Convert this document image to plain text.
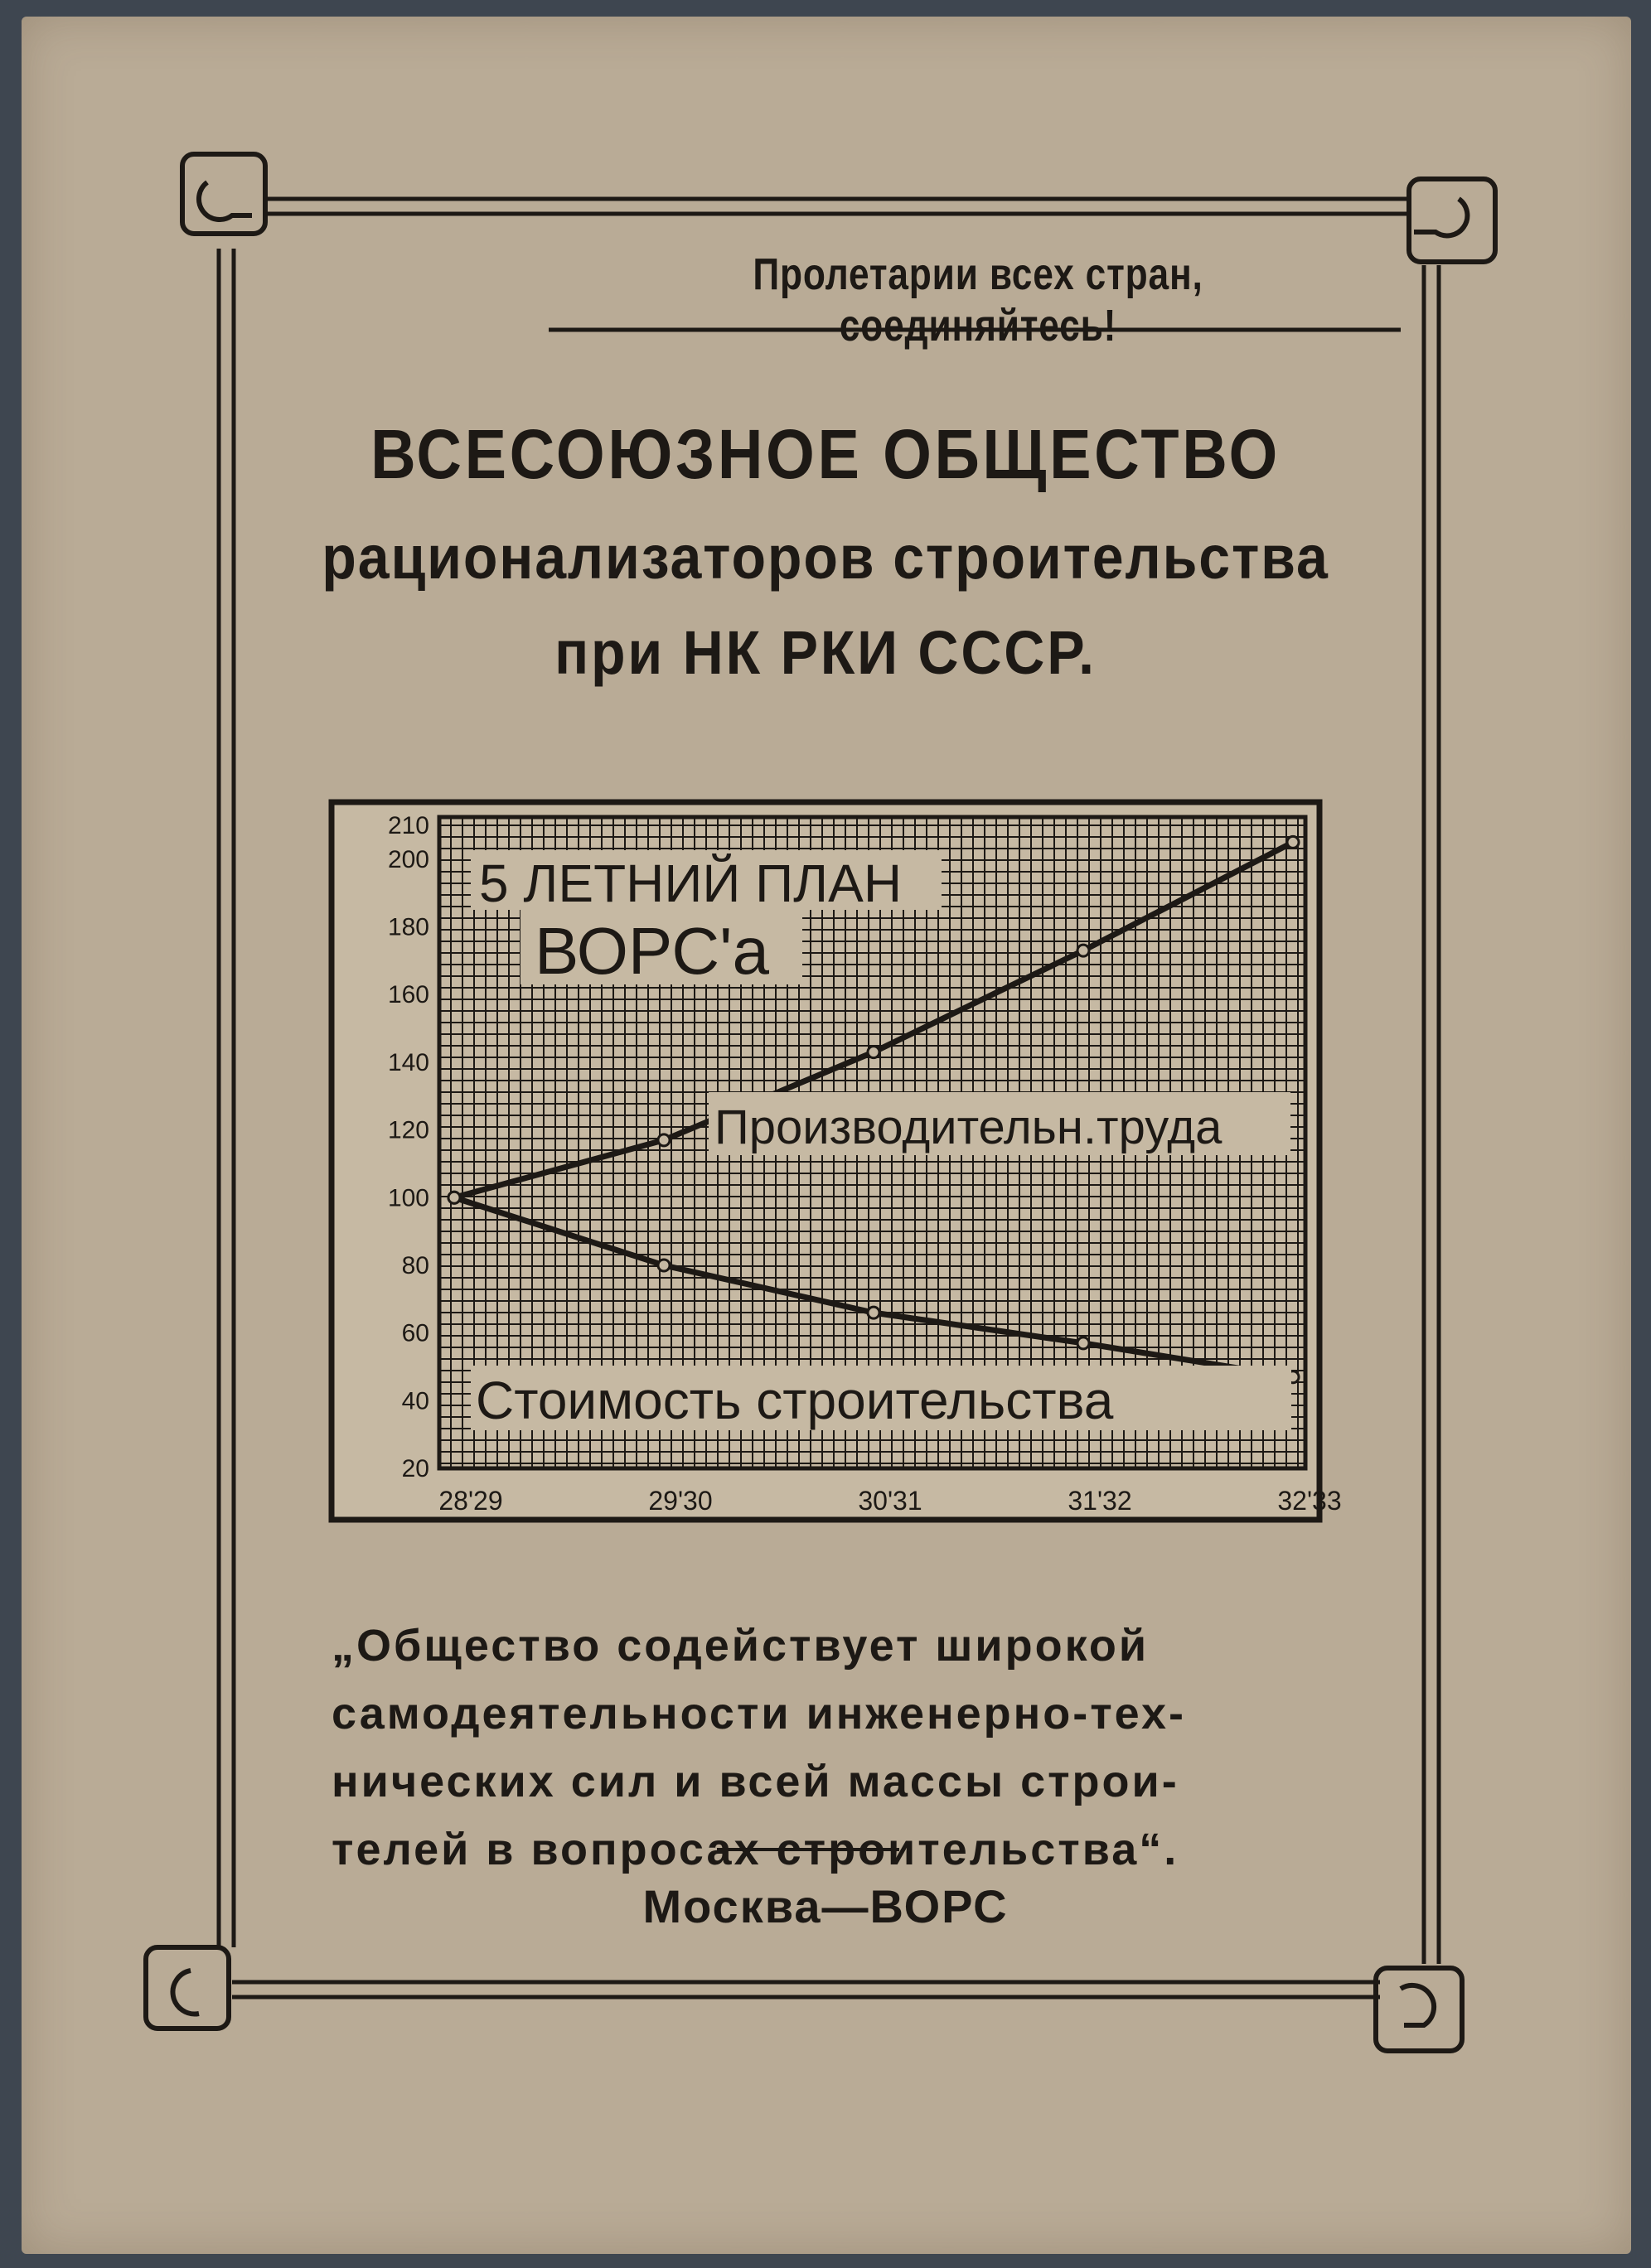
Пролетарии всех стран, соединяйтесь!
ВСЕСОЮЗНОЕ ОБЩЕСТВО
рационализаторов строительства
при НК РКИ СССР.
20
40
60
80
100
120
140
160
180
200
210
28'29	29'30	30'31	31'32	32'33
5 ЛЕТНИЙ ПЛАН
ВОРС'а
Производительн.труда
Стоимость строительства
„Общество содействует широкой
самодеятельности инженерно-тех-
нических сил и всей массы строи-
телей в вопросах строительства“.
Москва—ВОРС
